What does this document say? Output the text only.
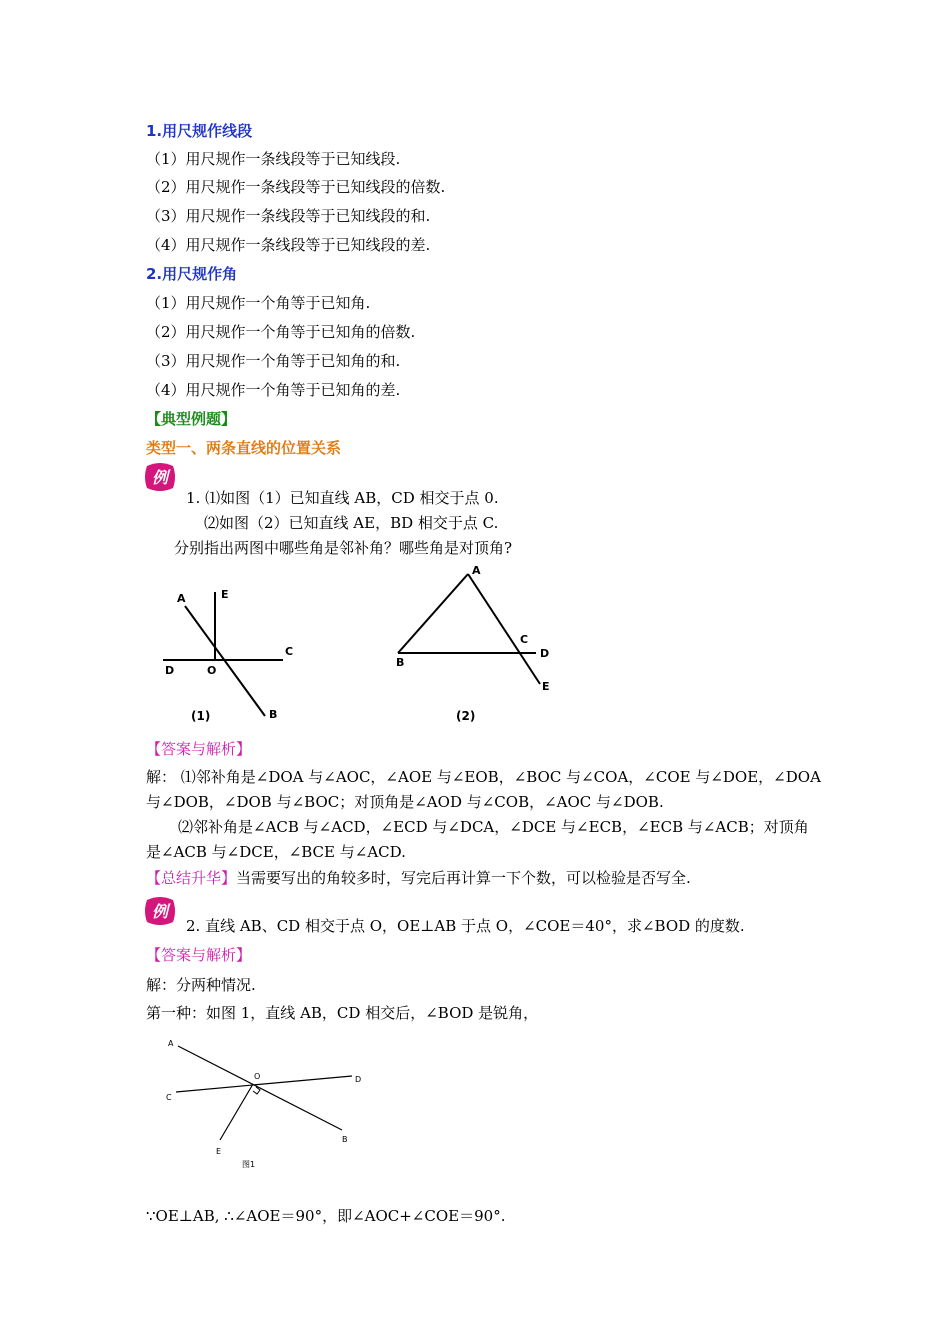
1.用尺规作线段
（1）用尺规作一条线段等于已知线段.
（2）用尺规作一条线段等于已知线段的倍数.
（3）用尺规作一条线段等于已知线段的和.
（4）用尺规作一条线段等于已知线段的差.
2.用尺规作角
（1）用尺规作一个角等于已知角.
（2）用尺规作一个角等于已知角的倍数.
（3）用尺规作一个角等于已知角的和.
（4）用尺规作一个角等于已知角的差.
【典型例题】
类型一、两条直线的位置关系
例
1. ⑴如图（1）已知直线 AB，CD 相交于点 0.
⑵如图（2）已知直线 AE，BD 相交于点 C.
分别指出两图中哪些角是邻补角？哪些角是对顶角?
A	E
C
D	O
B
(1)
A
C
D
B
E
(2)
【答案与解析】
解： ⑴邻补角是∠DOA 与∠AOC，∠AOE 与∠EOB，∠BOC 与∠COA，∠COE 与∠DOE，∠DOA
与∠DOB，∠DOB 与∠BOC；对顶角是∠AOD 与∠COB，∠AOC 与∠DOB.
⑵邻补角是∠ACB 与∠ACD，∠ECD 与∠DCA，∠DCE 与∠ECB，∠ECB 与∠ACB；对顶角
是∠ACB 与∠DCE，∠BCE 与∠ACD.
【总结升华】当需要写出的角较多时，写完后再计算一下个数，可以检验是否写全.
例
2. 直线 AB、CD 相交于点 O，OE⊥AB 于点 O，∠COE＝40°，求∠BOD 的度数.
【答案与解析】
解：分两种情况.
第一种：如图 1，直线 AB，CD 相交后，∠BOD 是锐角，
A
O	D
C
E
B
图1
∵OE⊥AB, ∴∠AOE＝90°，即∠AOC+∠COE＝90°.
